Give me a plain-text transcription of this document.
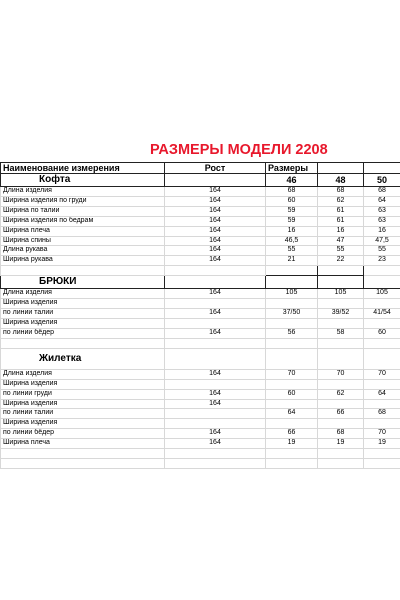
РАЗМЕРЫ МОДЕЛИ 2208
Наименование измерения	Рост	Размеры		
Кофта		46	48	50
Длина изделия	164	68	68	68
Ширина изделия по груди	164	60	62	64
Ширина по талии	164	59	61	63
Ширина изделия по бедрам	164	59	61	63
Ширина плеча	164	16	16	16
Ширина спины	164	46,5	47	47,5
Длина рукава	164	55	55	55
Ширина рукава	164	21	22	23

БРЮКИ				
Длина изделия	164	105	105	105
Ширина изделия				
по линии талии	164	37/50	39/52	41/54
Ширина изделия				
по линии бёдер	164	56	58	60

Жилетка				
Длина изделия	164	70	70	70
Ширина изделия				
по линии груди	164	60	62	64
Ширина изделия	164			
по линии талии		64	66	68
Ширина изделия				
по линии бёдер	164	66	68	70
Ширина плеча	164	19	19	19
